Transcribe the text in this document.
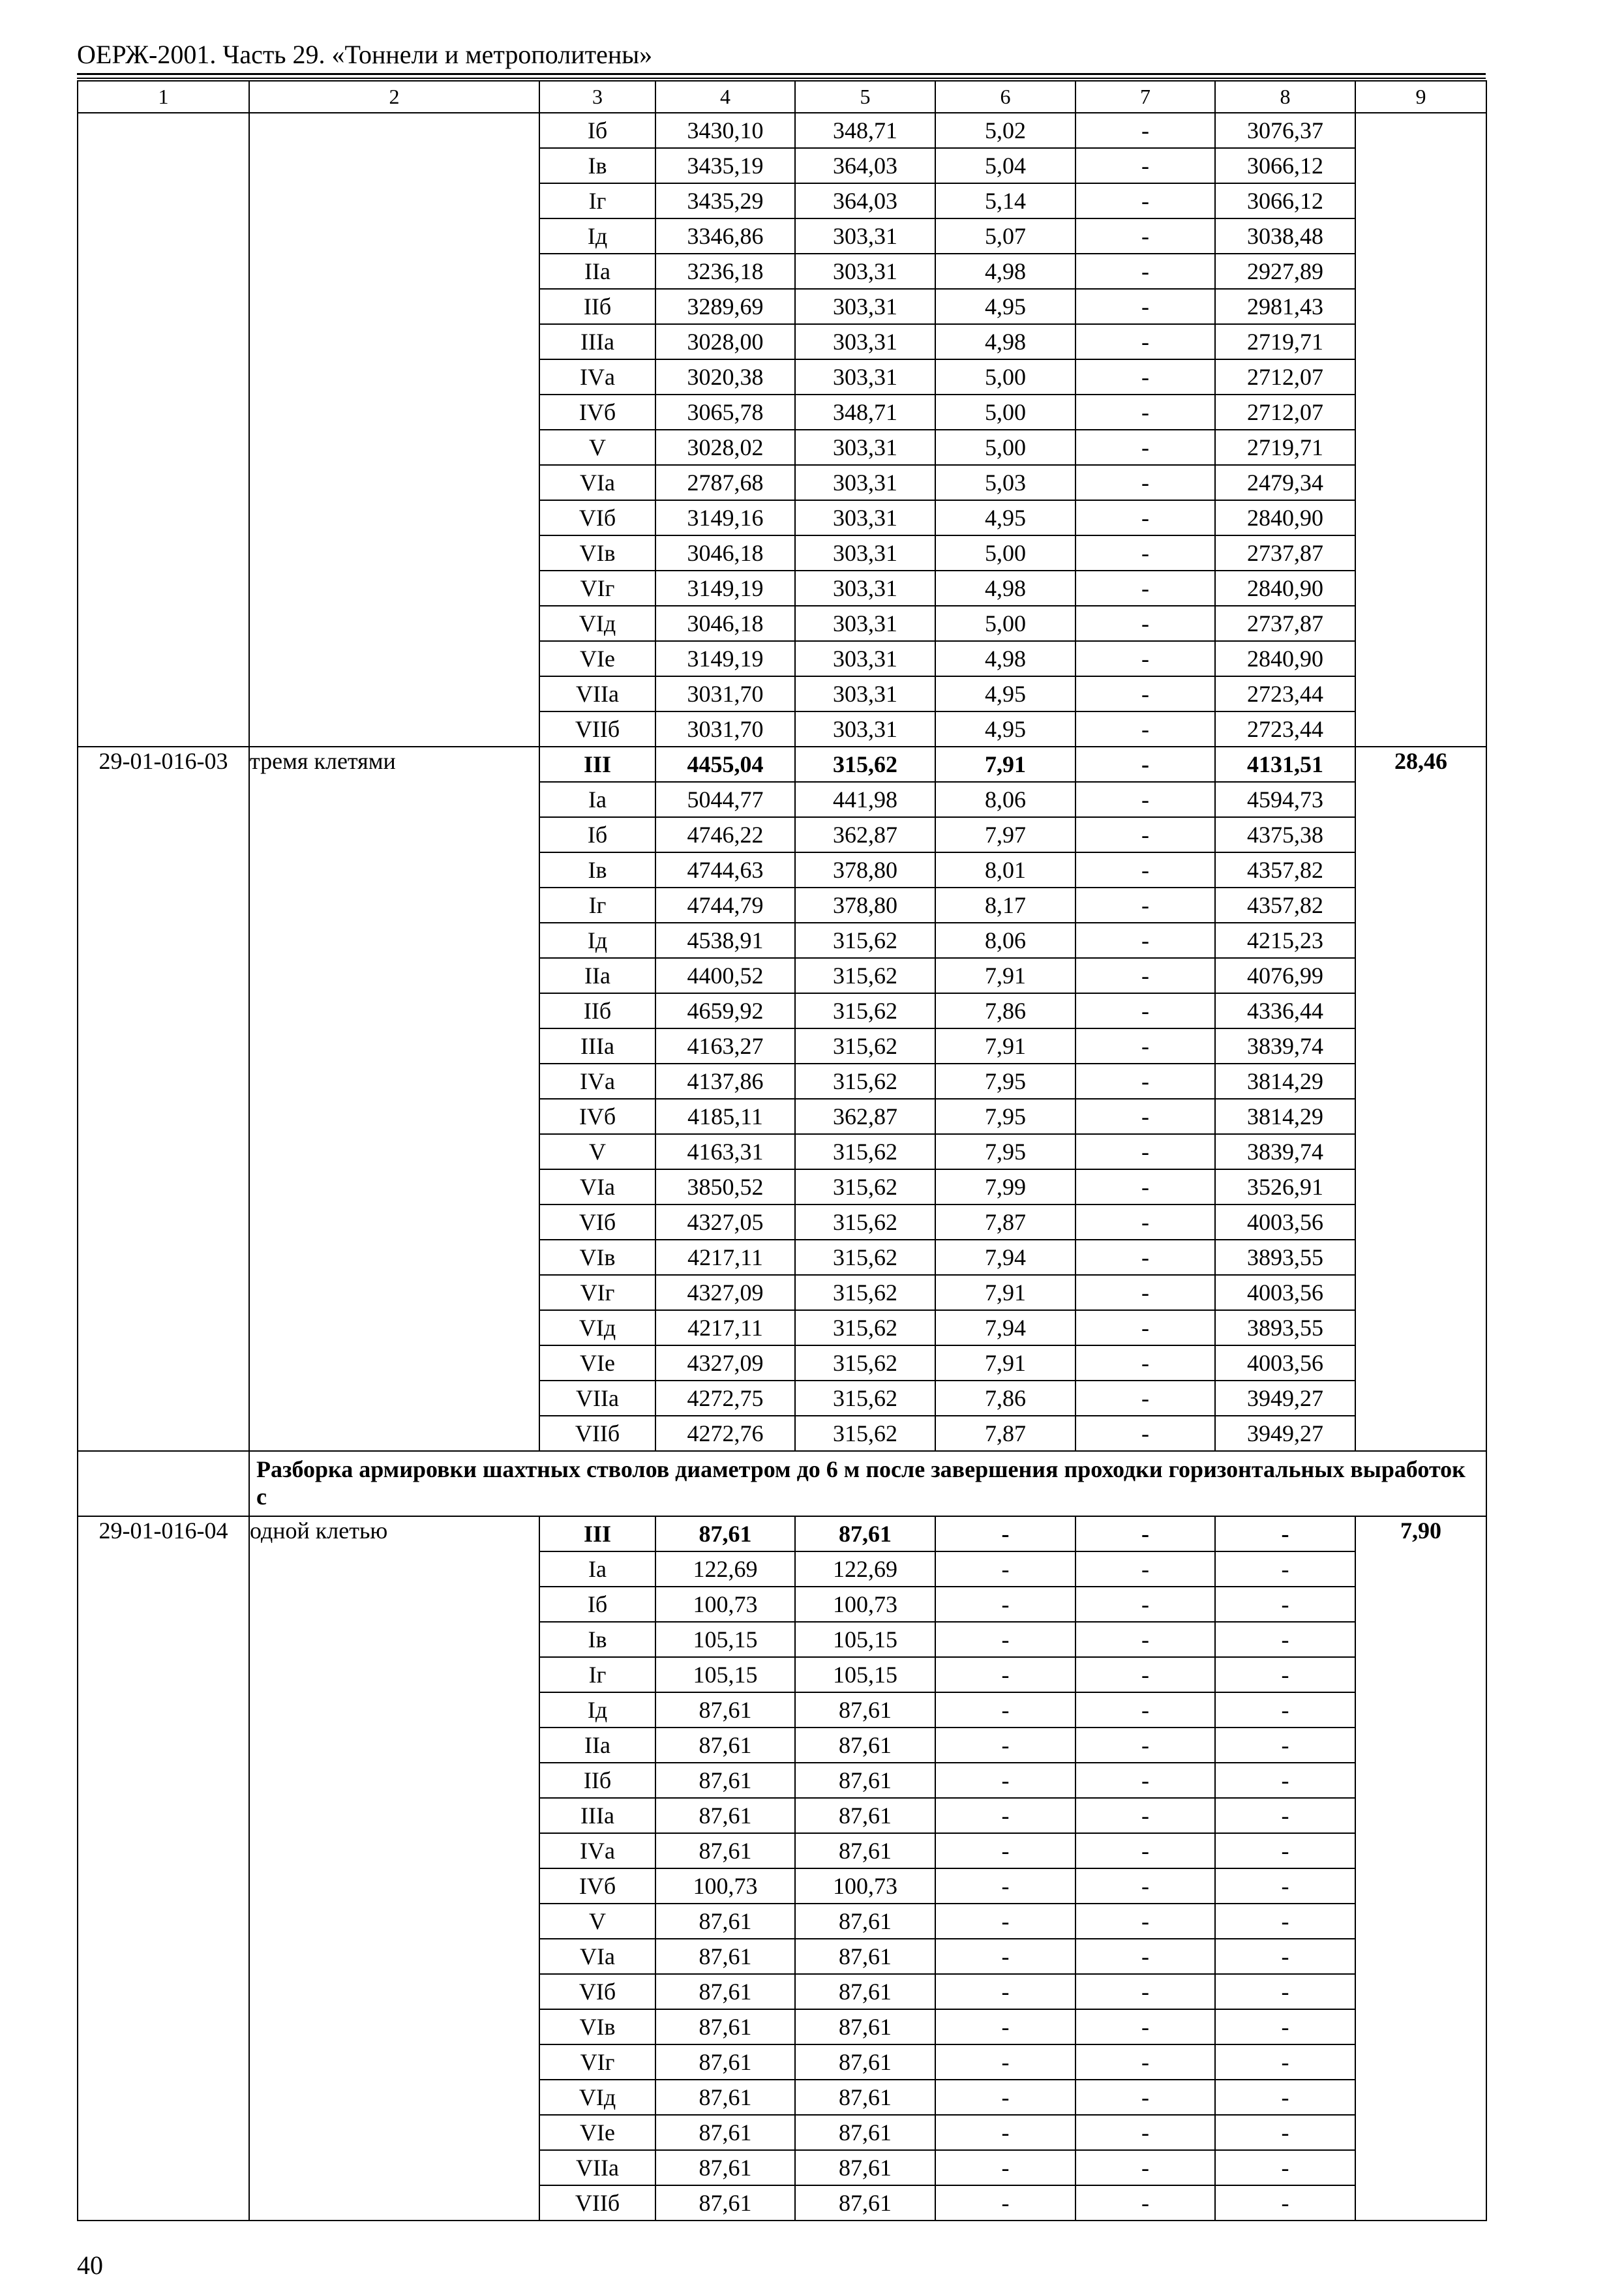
ОЕРЖ-2001. Часть 29. «Тоннели и метрополитены»
1	2	3	4	5	6	7	8	9
		Iб	3430,10	348,71	5,02	-	3076,37	
		Iв	3435,19	364,03	5,04	-	3066,12	
		Iг	3435,29	364,03	5,14	-	3066,12	
		Iд	3346,86	303,31	5,07	-	3038,48	
		IIа	3236,18	303,31	4,98	-	2927,89	
		IIб	3289,69	303,31	4,95	-	2981,43	
		IIIа	3028,00	303,31	4,98	-	2719,71	
		IVа	3020,38	303,31	5,00	-	2712,07	
		IVб	3065,78	348,71	5,00	-	2712,07	
		V	3028,02	303,31	5,00	-	2719,71	
		VIа	2787,68	303,31	5,03	-	2479,34	
		VIб	3149,16	303,31	4,95	-	2840,90	
		VIв	3046,18	303,31	5,00	-	2737,87	
		VIг	3149,19	303,31	4,98	-	2840,90	
		VIд	3046,18	303,31	5,00	-	2737,87	
		VIе	3149,19	303,31	4,98	-	2840,90	
		VIIа	3031,70	303,31	4,95	-	2723,44	
		VIIб	3031,70	303,31	4,95	-	2723,44	
29-01-016-03	тремя клетями	III	4455,04	315,62	7,91	-	4131,51	28,46
		Iа	5044,77	441,98	8,06	-	4594,73	
		Iб	4746,22	362,87	7,97	-	4375,38	
		Iв	4744,63	378,80	8,01	-	4357,82	
		Iг	4744,79	378,80	8,17	-	4357,82	
		Iд	4538,91	315,62	8,06	-	4215,23	
		IIа	4400,52	315,62	7,91	-	4076,99	
		IIб	4659,92	315,62	7,86	-	4336,44	
		IIIа	4163,27	315,62	7,91	-	3839,74	
		IVа	4137,86	315,62	7,95	-	3814,29	
		IVб	4185,11	362,87	7,95	-	3814,29	
		V	4163,31	315,62	7,95	-	3839,74	
		VIа	3850,52	315,62	7,99	-	3526,91	
		VIб	4327,05	315,62	7,87	-	4003,56	
		VIв	4217,11	315,62	7,94	-	3893,55	
		VIг	4327,09	315,62	7,91	-	4003,56	
		VIд	4217,11	315,62	7,94	-	3893,55	
		VIе	4327,09	315,62	7,91	-	4003,56	
		VIIа	4272,75	315,62	7,86	-	3949,27	
		VIIб	4272,76	315,62	7,87	-	3949,27	
	Разборка армировки шахтных стволов диаметром до 6 м после завершения проходки горизонтальных выработок с							
29-01-016-04	одной клетью	III	87,61	87,61	-	-	-	7,90
		Iа	122,69	122,69	-	-	-	
		Iб	100,73	100,73	-	-	-	
		Iв	105,15	105,15	-	-	-	
		Iг	105,15	105,15	-	-	-	
		Iд	87,61	87,61	-	-	-	
		IIа	87,61	87,61	-	-	-	
		IIб	87,61	87,61	-	-	-	
		IIIа	87,61	87,61	-	-	-	
		IVа	87,61	87,61	-	-	-	
		IVб	100,73	100,73	-	-	-	
		V	87,61	87,61	-	-	-	
		VIа	87,61	87,61	-	-	-	
		VIб	87,61	87,61	-	-	-	
		VIв	87,61	87,61	-	-	-	
		VIг	87,61	87,61	-	-	-	
		VIд	87,61	87,61	-	-	-	
		VIе	87,61	87,61	-	-	-	
		VIIа	87,61	87,61	-	-	-	
		VIIб	87,61	87,61	-	-	-	
40
